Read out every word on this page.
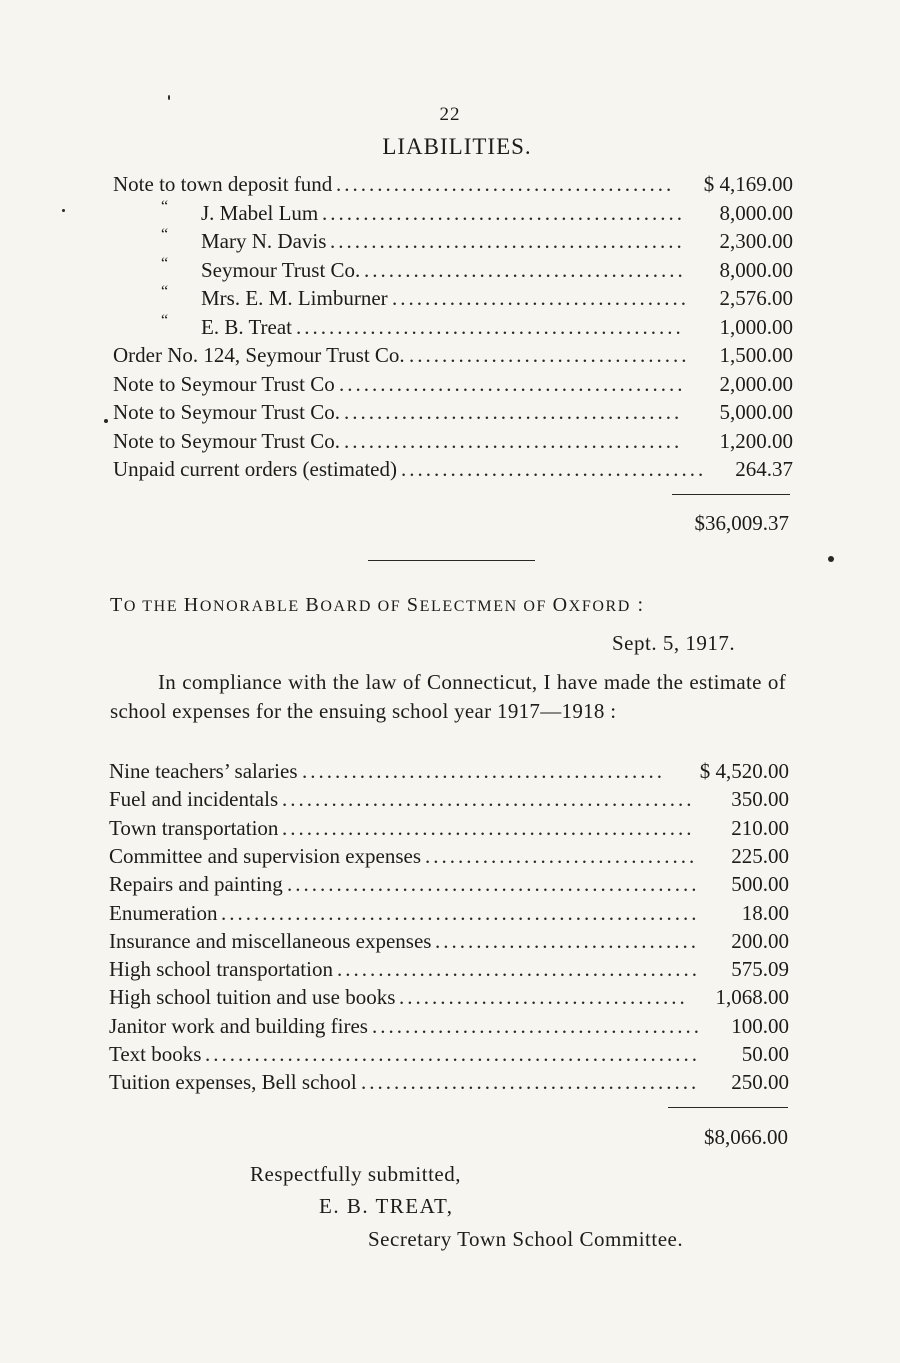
22
LIABILITIES.
Note to town deposit fund .........................................	$ 4,169.00
“ J. Mabel Lum ............................................	8,000.00
“ Mary N. Davis ...........................................	2,300.00
“ Seymour Trust Co. .......................................	8,000.00
“ Mrs. E. M. Limburner ....................................	2,576.00
“ E. B. Treat ...............................................	1,000.00
Order No. 124, Seymour Trust Co. ..................................	1,500.00
Note to Seymour Trust Co ..........................................	2,000.00
Note to Seymour Trust Co. .........................................	5,000.00
Note to Seymour Trust Co. .........................................	1,200.00
Unpaid current orders (estimated) .....................................	264.37
$36,009.37
TO THE HONORABLE BOARD OF SELECTMEN OF OXFORD :
Sept. 5, 1917.
In compliance with the law of Connecticut, I have made the estimate of school expenses for the ensuing school year 1917—1918 :
Nine teachers’ salaries ............................................	$ 4,520.00
Fuel and incidentals ..................................................	350.00
Town transportation ..................................................	210.00
Committee and supervision expenses .................................	225.00
Repairs and painting ..................................................	500.00
Enumeration ..........................................................	18.00
Insurance and miscellaneous expenses ................................	200.00
High school transportation ............................................	575.09
High school tuition and use books ...................................	1,068.00
Janitor work and building fires ........................................	100.00
Text books ............................................................	50.00
Tuition expenses, Bell school .........................................	250.00
$8,066.00
Respectfully submitted,
E. B. TREAT,
Secretary Town School Committee.
